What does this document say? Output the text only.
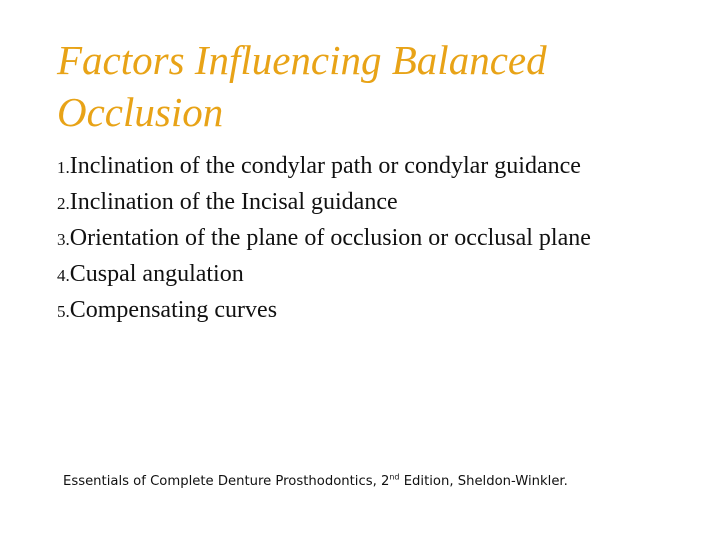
Factors Influencing Balanced Occlusion
1.Inclination of the condylar path or condylar guidance
2.Inclination of the Incisal guidance
3.Orientation of the plane of occlusion or occlusal plane
4.Cuspal angulation
5.Compensating curves

Essentials of Complete Denture Prosthodontics, 2nd Edition, Sheldon-Winkler.
